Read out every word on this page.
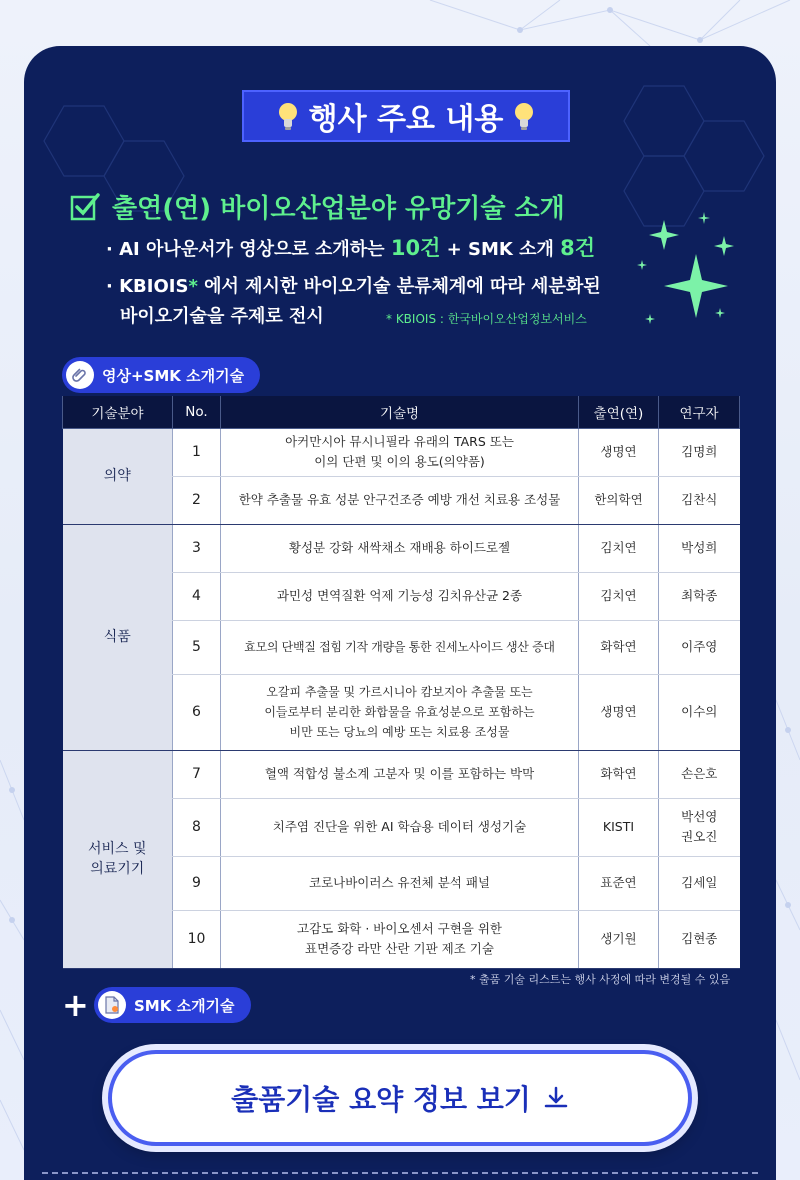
행사 주요 내용
출연(연) 바이오산업분야 유망기술 소개
· AI 아나운서가 영상으로 소개하는 10건 + SMK 소개 8건
· KBIOIS* 에서 제시한 바이오기술 분류체계에 따라 세분화된
바이오기술을 주제로 전시	* KBIOIS : 한국바이오산업정보서비스
영상+SMK 소개기술
기술분야	No.	기술명	출연(연)	연구자
의약	1	아커만시아 뮤시니필라 유래의 TARS 또는
이의 단편 및 이의 용도(의약품)	생명연	김명희
	2	한약 추출물 유효 성분 안구건조증 예방 개선 치료용 조성물	한의학연	김찬식
식품	3	황성분 강화 새싹채소 재배용 하이드로젤	김치연	박성희
	4	과민성 면역질환 억제 기능성 김치유산균 2종	김치연	최학종
	5	효모의 단백질 접힘 기작 개량을 통한 진세노사이드 생산 증대	화학연	이주영
	6	오갈피 추출물 및 가르시니아 캄보지아 추출물 또는
이들로부터 분리한 화합물을 유효성분으로 포함하는
비만 또는 당뇨의 예방 또는 치료용 조성물	생명연	이수의
서비스 및
의료기기	7	혈액 적합성 불소계 고분자 및 이를 포함하는 박막	화학연	손은호
	8	치주염 진단을 위한 AI 학습용 데이터 생성기술	KISTI	박선영
권오진
	9	코로나바이러스 유전체 분석 패널	표준연	김세일
	10	고감도 화학 · 바이오센서 구현을 위한
표면증강 라만 산란 기판 제조 기술	생기원	김현종
* 출품 기술 리스트는 행사 사정에 따라 변경될 수 있음
+	SMK 소개기술
출품기술 요약 정보 보기
